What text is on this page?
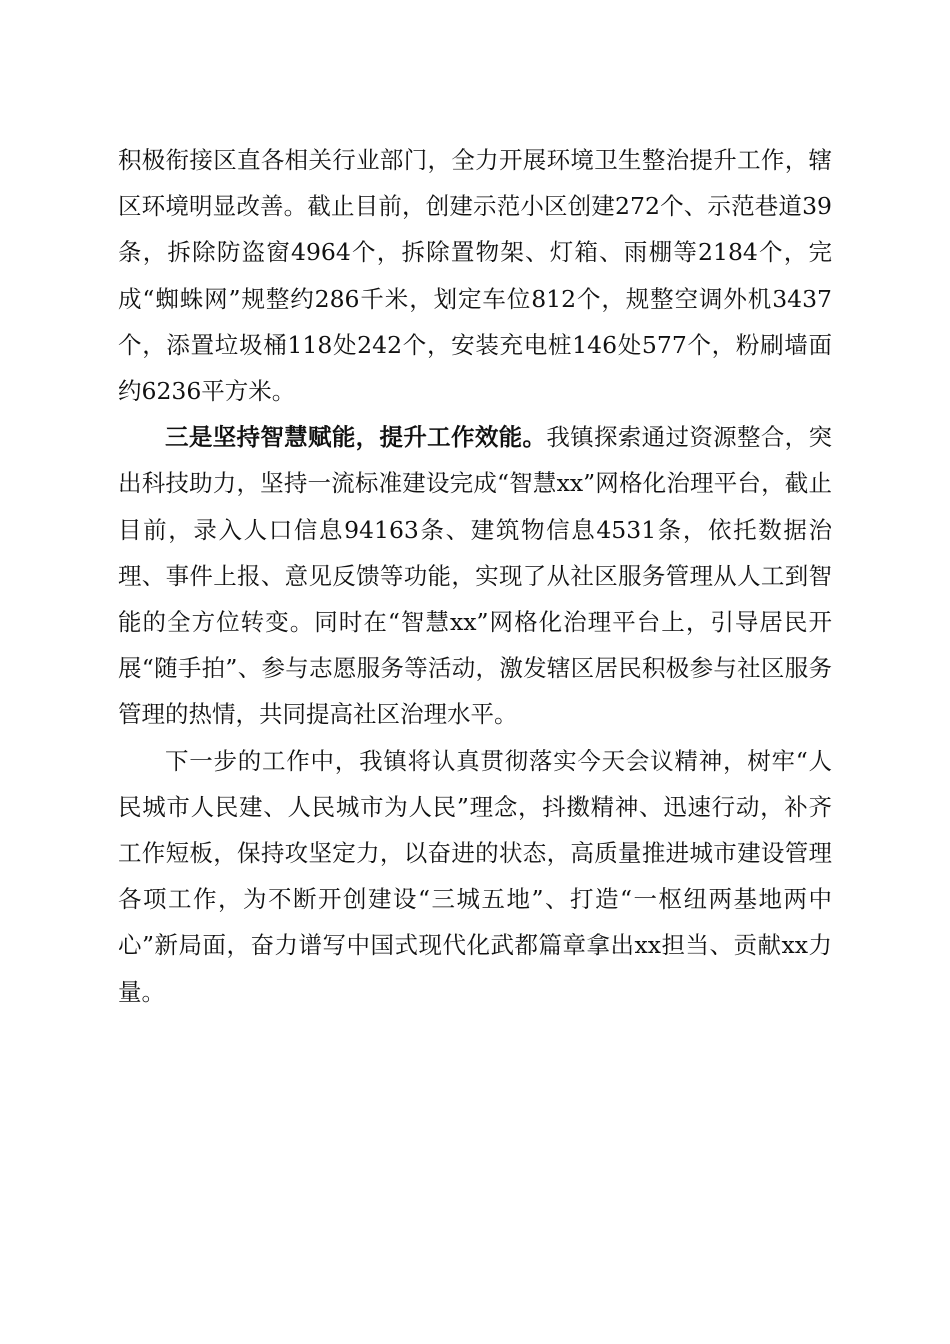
积极衔接区直各相关行业部门，全力开展环境卫生整治提升工作，辖区环境明显改善。截止目前，创建示范小区创建272个、示范巷道39条，拆除防盗窗4964个，拆除置物架、灯箱、雨棚等2184个，完成“蜘蛛网”规整约286千米，划定车位812个，规整空调外机3437个，添置垃圾桶118处242个，安装充电桩146处577个，粉刷墙面约6236平方米。

三是坚持智慧赋能，提升工作效能。我镇探索通过资源整合，突出科技助力，坚持一流标准建设完成“智慧xx”网格化治理平台，截止目前，录入人口信息94163条、建筑物信息4531条，依托数据治理、事件上报、意见反馈等功能，实现了从社区服务管理从人工到智能的全方位转变。同时在“智慧xx”网格化治理平台上，引导居民开展“随手拍”、参与志愿服务等活动，激发辖区居民积极参与社区服务管理的热情，共同提高社区治理水平。

下一步的工作中，我镇将认真贯彻落实今天会议精神，树牢“人民城市人民建、人民城市为人民”理念，抖擞精神、迅速行动，补齐工作短板，保持攻坚定力，以奋进的状态，高质量推进城市建设管理各项工作，为不断开创建设“三城五地”、打造“一枢纽两基地两中心”新局面，奋力谱写中国式现代化武都篇章拿出xx担当、贡献xx力量。
